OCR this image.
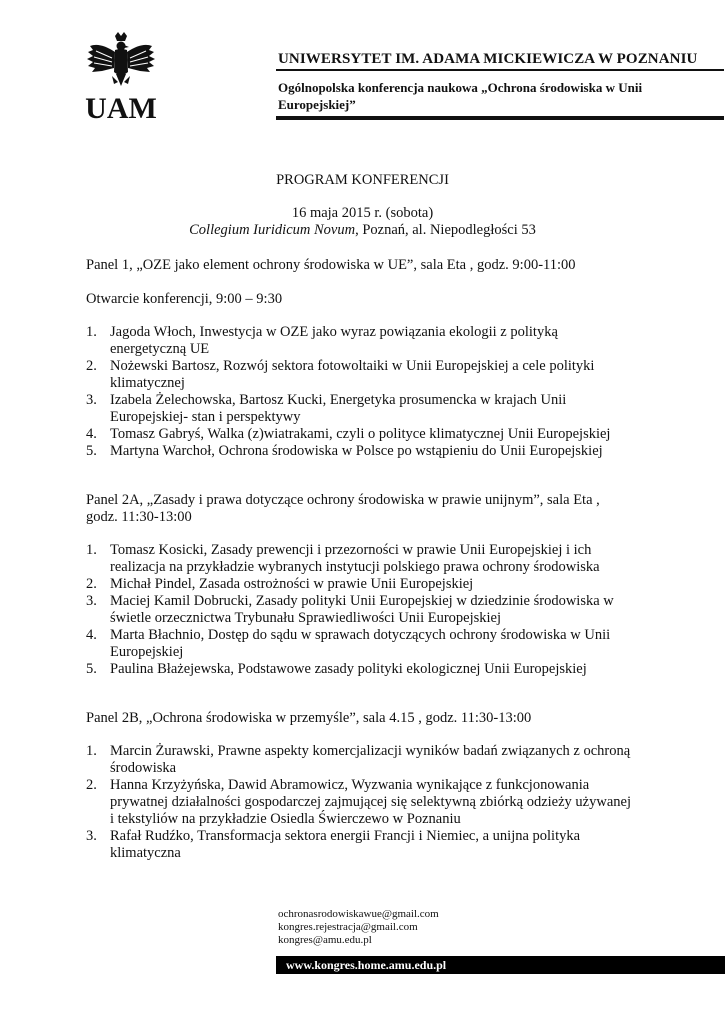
UAM
UNIWERSYTET IM. ADAMA MICKIEWICZA W POZNANIU
Ogólnopolska konferencja naukowa „Ochrona środowiska w Unii
Europejskiej”
PROGRAM KONFERENCJI
16 maja 2015 r. (sobota)
Collegium Iuridicum Novum, Poznań, al. Niepodległości 53
Panel 1, „OZE jako element ochrony środowiska w UE”, sala Eta , godz. 9:00-11:00
Otwarcie konferencji, 9:00 – 9:30
1. Jagoda Włoch, Inwestycja w OZE jako wyraz powiązania ekologii z polityką
energetyczną UE
2. Nożewski Bartosz, Rozwój sektora fotowoltaiki w Unii Europejskiej a cele polityki
klimatycznej
3. Izabela Żelechowska, Bartosz Kucki, Energetyka prosumencka w krajach Unii
Europejskiej- stan i perspektywy
4. Tomasz Gabryś, Walka (z)wiatrakami, czyli o polityce klimatycznej Unii Europejskiej
5. Martyna Warchoł, Ochrona środowiska w Polsce po wstąpieniu do Unii Europejskiej
Panel 2A, „Zasady i prawa dotyczące ochrony środowiska w prawie unijnym”, sala Eta ,
godz. 11:30-13:00
1. Tomasz Kosicki, Zasady prewencji i przezorności w prawie Unii Europejskiej i ich
realizacja na przykładzie wybranych instytucji polskiego prawa ochrony środowiska
2. Michał Pindel, Zasada ostrożności w prawie Unii Europejskiej
3. Maciej Kamil Dobrucki, Zasady polityki Unii Europejskiej w dziedzinie środowiska w
świetle orzecznictwa Trybunału Sprawiedliwości Unii Europejskiej
4. Marta Błachnio, Dostęp do sądu w sprawach dotyczących ochrony środowiska w Unii
Europejskiej
5. Paulina Błażejewska, Podstawowe zasady polityki ekologicznej Unii Europejskiej
Panel 2B, „Ochrona środowiska w przemyśle”, sala 4.15 , godz. 11:30-13:00
1. Marcin Żurawski, Prawne aspekty komercjalizacji wyników badań związanych z ochroną
środowiska
2. Hanna Krzyżyńska, Dawid Abramowicz, Wyzwania wynikające z funkcjonowania
prywatnej działalności gospodarczej zajmującej się selektywną zbiórką odzieży używanej
i tekstyliów na przykładzie Osiedla Świerczewo w Poznaniu
3. Rafał Rudźko, Transformacja sektora energii Francji i Niemiec, a unijna polityka
klimatyczna
ochronasrodowiskawue@gmail.com
kongres.rejestracja@gmail.com
kongres@amu.edu.pl
www.kongres.home.amu.edu.pl
